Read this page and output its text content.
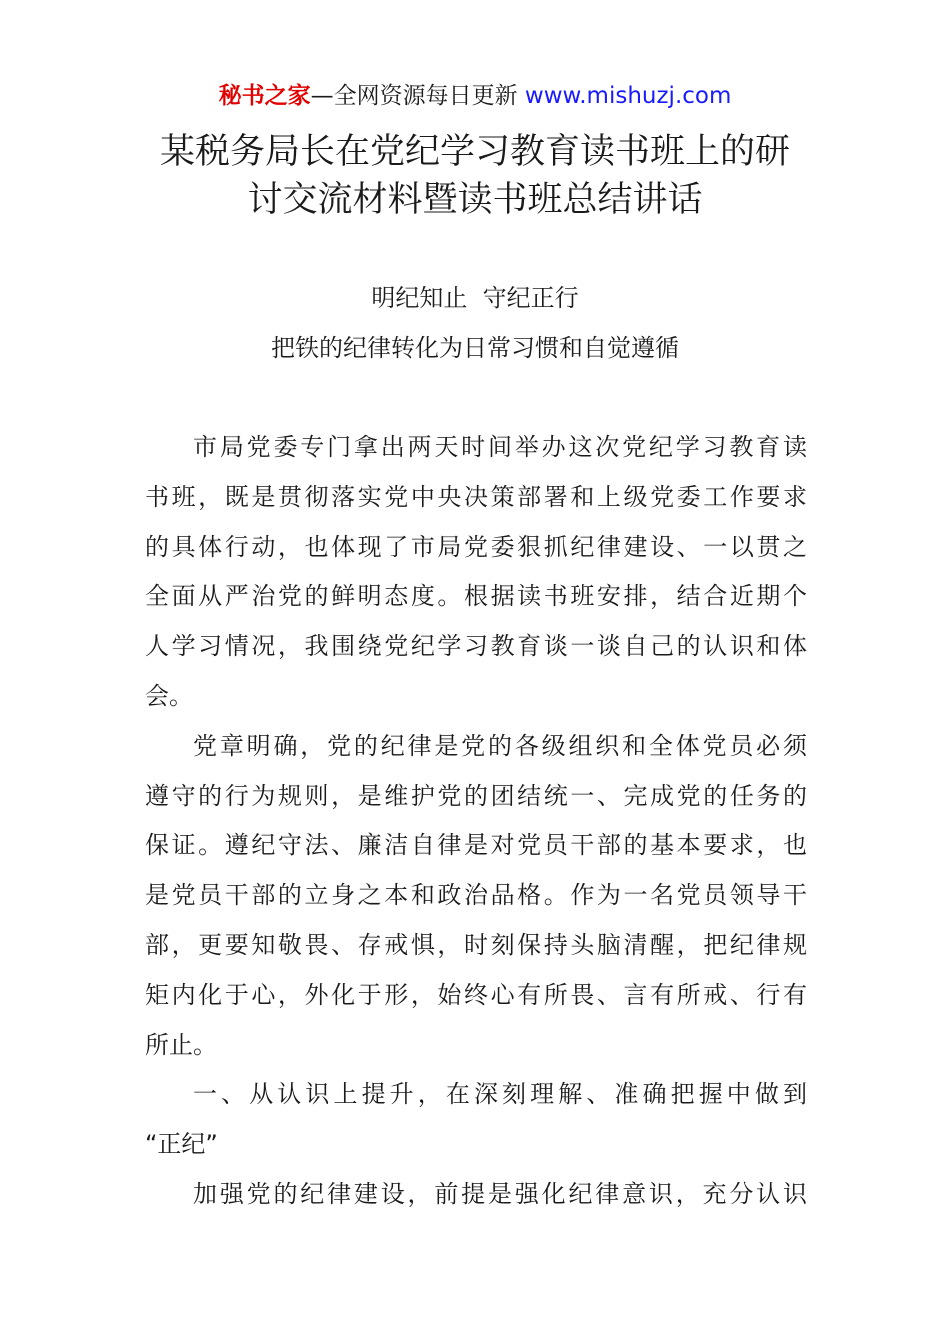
秘书之家—全网资源每日更新 www.mishuzj.com
某税务局长在党纪学习教育读书班上的研
讨交流材料暨读书班总结讲话
明纪知止  守纪正行
把铁的纪律转化为日常习惯和自觉遵循
市局党委专门拿出两天时间举办这次党纪学习教育读
书班，既是贯彻落实党中央决策部署和上级党委工作要求
的具体行动，也体现了市局党委狠抓纪律建设、一以贯之
全面从严治党的鲜明态度。根据读书班安排，结合近期个
人学习情况，我围绕党纪学习教育谈一谈自己的认识和体
会。
党章明确，党的纪律是党的各级组织和全体党员必须
遵守的行为规则，是维护党的团结统一、完成党的任务的
保证。遵纪守法、廉洁自律是对党员干部的基本要求，也
是党员干部的立身之本和政治品格。作为一名党员领导干
部，更要知敬畏、存戒惧，时刻保持头脑清醒，把纪律规
矩内化于心，外化于形，始终心有所畏、言有所戒、行有
所止。
一、从认识上提升，在深刻理解、准确把握中做到
“正纪”
加强党的纪律建设，前提是强化纪律意识，充分认识
